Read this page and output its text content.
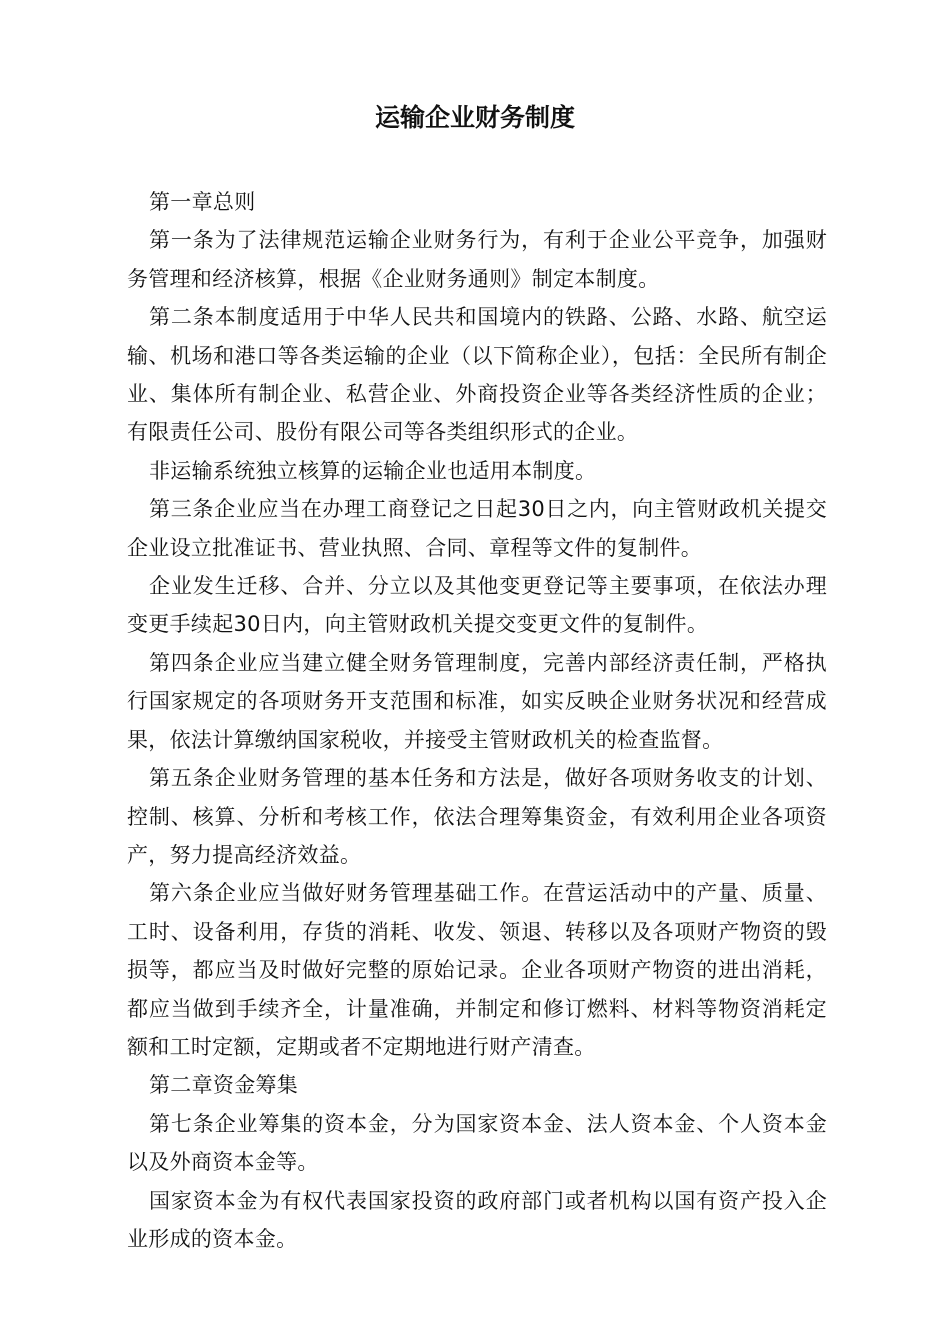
运输企业财务制度

第一章总则

第一条为了法律规范运输企业财务行为，有利于企业公平竞争，加强财务管理和经济核算，根据《企业财务通则》制定本制度。

第二条本制度适用于中华人民共和国境内的铁路、公路、水路、航空运输、机场和港口等各类运输的企业（以下简称企业），包括：全民所有制企业、集体所有制企业、私营企业、外商投资企业等各类经济性质的企业；有限责任公司、股份有限公司等各类组织形式的企业。

非运输系统独立核算的运输企业也适用本制度。

第三条企业应当在办理工商登记之日起30日之内，向主管财政机关提交企业设立批准证书、营业执照、合同、章程等文件的复制件。

企业发生迁移、合并、分立以及其他变更登记等主要事项，在依法办理变更手续起30日内，向主管财政机关提交变更文件的复制件。

第四条企业应当建立健全财务管理制度，完善内部经济责任制，严格执行国家规定的各项财务开支范围和标准，如实反映企业财务状况和经营成果，依法计算缴纳国家税收，并接受主管财政机关的检查监督。

第五条企业财务管理的基本任务和方法是，做好各项财务收支的计划、控制、核算、分析和考核工作，依法合理筹集资金，有效利用企业各项资产，努力提高经济效益。

第六条企业应当做好财务管理基础工作。在营运活动中的产量、质量、工时、设备利用，存货的消耗、收发、领退、转移以及各项财产物资的毁损等，都应当及时做好完整的原始记录。企业各项财产物资的进出消耗，都应当做到手续齐全，计量准确，并制定和修订燃料、材料等物资消耗定额和工时定额，定期或者不定期地进行财产清查。

第二章资金筹集

第七条企业筹集的资本金，分为国家资本金、法人资本金、个人资本金以及外商资本金等。

国家资本金为有权代表国家投资的政府部门或者机构以国有资产投入企业形成的资本金。
